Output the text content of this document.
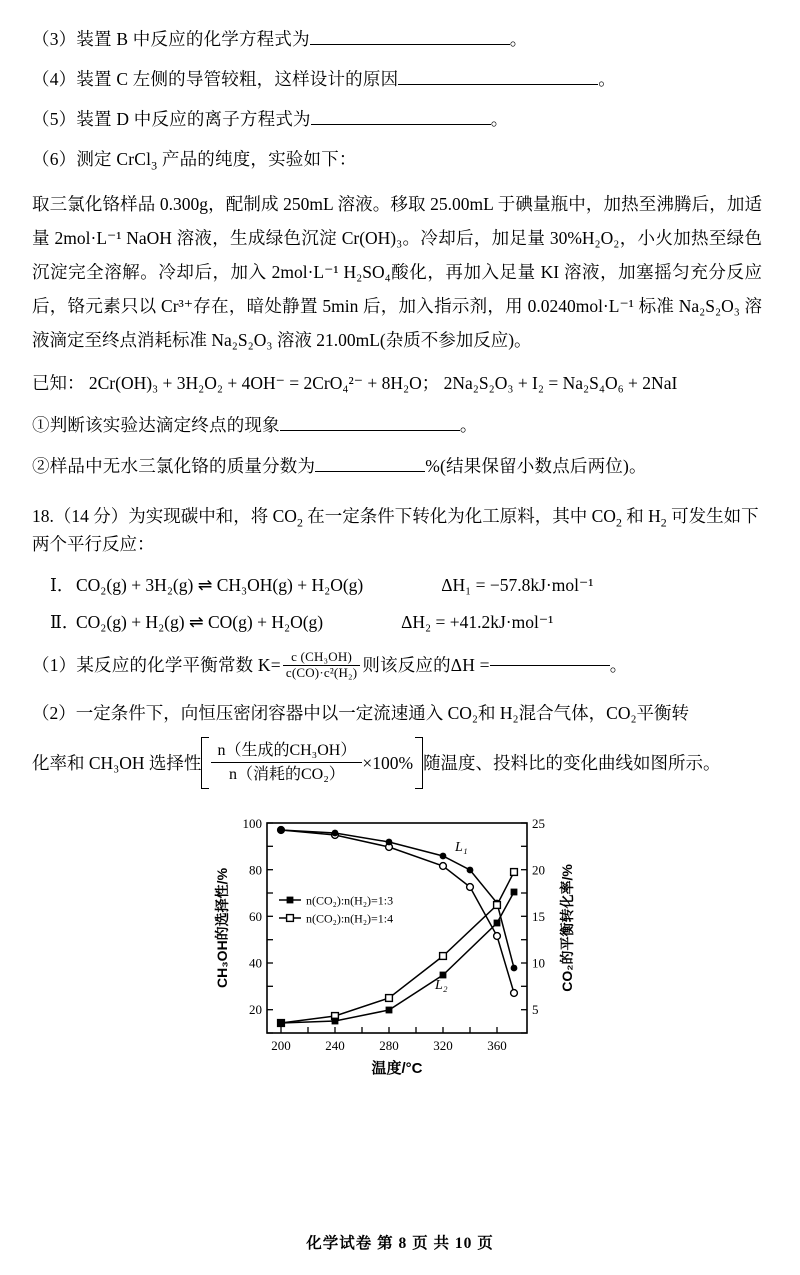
（3）装置 B 中反应的化学方程式为	。
（4）装置 C 左侧的导管较粗，这样设计的原因	。
（5）装置 D 中反应的离子方程式为	。
（6）测定 CrCl$_3$ 产品的纯度，实验如下：
取三氯化铬样品 0.300g，配制成 250mL 溶液。移取 25.00mL 于碘量瓶中，加热至沸腾后，加适量 2mol·L⁻¹ NaOH 溶液，生成绿色沉淀 Cr(OH)₃。冷却后，加足量 30%H₂O₂，小火加热至绿色沉淀完全溶解。冷却后，加入 2mol·L⁻¹ H₂SO₄酸化，再加入足量 KI 溶液，加塞摇匀充分反应后，铬元素只以 Cr³⁺存在，暗处静置 5min 后，加入指示剂，用 0.0240mol·L⁻¹ 标准 Na₂S₂O₃ 溶液滴定至终点消耗标准 Na₂S₂O₃ 溶液 21.00mL(杂质不参加反应)。
已知： 2Cr(OH)₃ + 3H₂O₂ + 4OH⁻ = 2CrO₄²⁻ + 8H₂O； 2Na₂S₂O₃ + I₂ = Na₂S₄O₆ + 2NaI
①判断该实验达滴定终点的现象	。
②样品中无水三氯化铬的质量分数为	%(结果保留小数点后两位)。
18.（14 分）为实现碳中和，将 $CO_2$ 在一定条件下转化为化工原料，其中 $CO_2$ 和 $H_2$ 可发生如下两个平行反应：
Ⅰ． CO₂(g) + 3H₂(g) ⇌ CH₃OH(g) + H₂O(g)	ΔH₁ = −57.8kJ·mol⁻¹
Ⅱ．
CO₂(g) + H₂(g) ⇌ CO(g) + H₂O(g)	ΔH₂ = +41.2kJ·mol⁻¹
（1）某反应的化学平衡常数 $K= \frac{\text{c (CH₃OH)}}{\text{c(CO)·c²(H₂)}}$ 则该反应的ΔH =	。
（2）一定条件下，向恒压密闭容器中以一定流速通入 CO₂和 H₂混合气体，CO₂平衡转
化率和 CH₃OH 选择性 $\frac{\text{n（生成的CH₃OH）}}{\text{n（消耗的CO₂）}} \times 100\%$ 随温度、投料比的变化曲线如图所示。
20
40
60
80
100
5
10
15
20
25
200	240	280	320	360
温度/°C
CH₃OH的选择性/%	CO₂的平衡转化率/%
L₁
L₂
n(CO₂):n(H₂)=1:3
n(CO₂):n(H₂)=1:4
化学试卷 第 8 页 共 10 页
